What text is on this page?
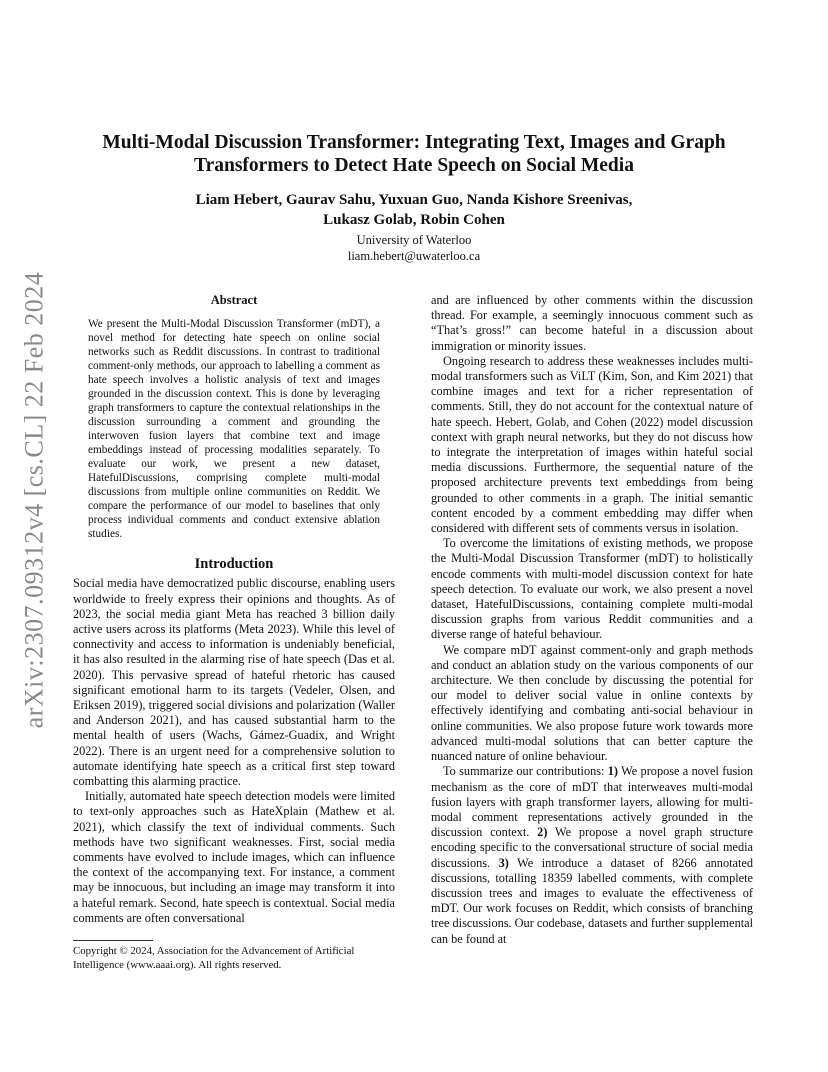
arXiv:2307.09312v4 [cs.CL] 22 Feb 2024
Multi-Modal Discussion Transformer: Integrating Text, Images and Graph Transformers to Detect Hate Speech on Social Media
Liam Hebert, Gaurav Sahu, Yuxuan Guo, Nanda Kishore Sreenivas,
Lukasz Golab, Robin Cohen
University of Waterloo
liam.hebert@uwaterloo.ca
Abstract

We present the Multi-Modal Discussion Transformer (mDT), a novel method for detecting hate speech on online social networks such as Reddit discussions. In contrast to traditional comment-only methods, our approach to labelling a comment as hate speech involves a holistic analysis of text and images grounded in the discussion context. This is done by leveraging graph transformers to capture the contextual relationships in the discussion surrounding a comment and grounding the interwoven fusion layers that combine text and image embeddings instead of processing modalities separately. To evaluate our work, we present a new dataset, HatefulDiscussions, comprising complete multi-modal discussions from multiple online communities on Reddit. We compare the performance of our model to baselines that only process individual comments and conduct extensive ablation studies.

Introduction

Social media have democratized public discourse, enabling users worldwide to freely express their opinions and thoughts. As of 2023, the social media giant Meta has reached 3 billion daily active users across its platforms (Meta 2023). While this level of connectivity and access to information is undeniably beneficial, it has also resulted in the alarming rise of hate speech (Das et al. 2020). This pervasive spread of hateful rhetoric has caused significant emotional harm to its targets (Vedeler, Olsen, and Eriksen 2019), triggered social divisions and polarization (Waller and Anderson 2021), and has caused substantial harm to the mental health of users (Wachs, Gámez-Guadix, and Wright 2022). There is an urgent need for a comprehensive solution to automate identifying hate speech as a critical first step toward combatting this alarming practice.

Initially, automated hate speech detection models were limited to text-only approaches such as HateXplain (Mathew et al. 2021), which classify the text of individual comments. Such methods have two significant weaknesses. First, social media comments have evolved to include images, which can influence the context of the accompanying text. For instance, a comment may be innocuous, but including an image may transform it into a hateful remark. Second, hate speech is contextual. Social media comments are often conversational

Copyright © 2024, Association for the Advancement of Artificial Intelligence (www.aaai.org). All rights reserved.

and are influenced by other comments within the discussion thread. For example, a seemingly innocuous comment such as “That’s gross!” can become hateful in a discussion about immigration or minority issues.

Ongoing research to address these weaknesses includes multi-modal transformers such as ViLT (Kim, Son, and Kim 2021) that combine images and text for a richer representation of comments. Still, they do not account for the contextual nature of hate speech. Hebert, Golab, and Cohen (2022) model discussion context with graph neural networks, but they do not discuss how to integrate the interpretation of images within hateful social media discussions. Furthermore, the sequential nature of the proposed architecture prevents text embeddings from being grounded to other comments in a graph. The initial semantic content encoded by a comment embedding may differ when considered with different sets of comments versus in isolation.

To overcome the limitations of existing methods, we propose the Multi-Modal Discussion Transformer (mDT) to holistically encode comments with multi-model discussion context for hate speech detection. To evaluate our work, we also present a novel dataset, HatefulDiscussions, containing complete multi-modal discussion graphs from various Reddit communities and a diverse range of hateful behaviour.

We compare mDT against comment-only and graph methods and conduct an ablation study on the various components of our architecture. We then conclude by discussing the potential for our model to deliver social value in online contexts by effectively identifying and combating anti-social behaviour in online communities. We also propose future work towards more advanced multi-modal solutions that can better capture the nuanced nature of online behaviour.

To summarize our contributions: 1) We propose a novel fusion mechanism as the core of mDT that interweaves multi-modal fusion layers with graph transformer layers, allowing for multi-modal comment representations actively grounded in the discussion context. 2) We propose a novel graph structure encoding specific to the conversational structure of social media discussions. 3) We introduce a dataset of 8266 annotated discussions, totalling 18359 labelled comments, with complete discussion trees and images to evaluate the effectiveness of mDT. Our work focuses on Reddit, which consists of branching tree discussions. Our codebase, datasets and further supplemental can be found at
